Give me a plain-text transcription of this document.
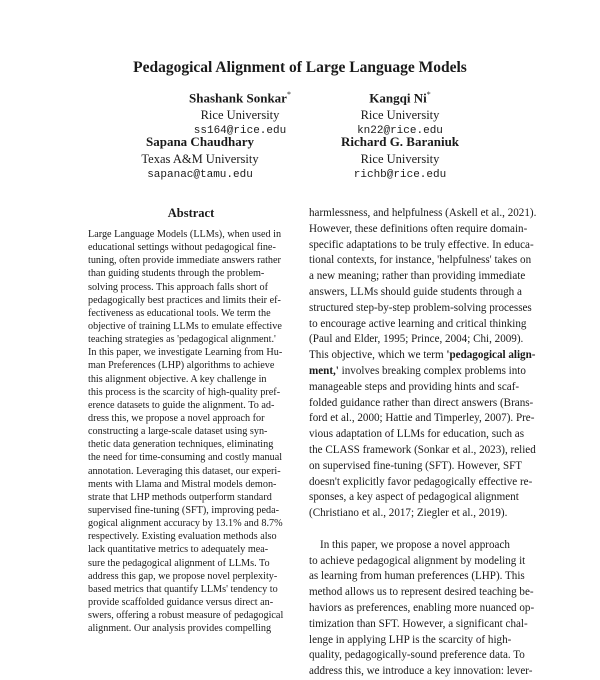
Pedagogical Alignment of Large Language Models
Shashank Sonkar*
Rice University
ss164@rice.edu
Kangqi Ni*
Rice University
kn22@rice.edu
Sapana Chaudhary
Texas A&M University
sapanac@tamu.edu
Richard G. Baraniuk
Rice University
richb@rice.edu
Abstract
Large Language Models (LLMs), when used in
educational settings without pedagogical fine-
tuning, often provide immediate answers rather
than guiding students through the problem-
solving process. This approach falls short of
pedagogically best practices and limits their ef-
fectiveness as educational tools. We term the
objective of training LLMs to emulate effective
teaching strategies as 'pedagogical alignment.'
In this paper, we investigate Learning from Hu-
man Preferences (LHP) algorithms to achieve
this alignment objective. A key challenge in
this process is the scarcity of high-quality pref-
erence datasets to guide the alignment. To ad-
dress this, we propose a novel approach for
constructing a large-scale dataset using syn-
thetic data generation techniques, eliminating
the need for time-consuming and costly manual
annotation. Leveraging this dataset, our experi-
ments with Llama and Mistral models demon-
strate that LHP methods outperform standard
supervised fine-tuning (SFT), improving peda-
gogical alignment accuracy by 13.1% and 8.7%
respectively. Existing evaluation methods also
lack quantitative metrics to adequately mea-
sure the pedagogical alignment of LLMs. To
address this gap, we propose novel perplexity-
based metrics that quantify LLMs' tendency to
provide scaffolded guidance versus direct an-
swers, offering a robust measure of pedagogical
alignment. Our analysis provides compelling
harmlessness, and helpfulness (Askell et al., 2021).
However, these definitions often require domain-
specific adaptations to be truly effective. In educa-
tional contexts, for instance, 'helpfulness' takes on
a new meaning; rather than providing immediate
answers, LLMs should guide students through a
structured step-by-step problem-solving processes
to encourage active learning and critical thinking
(Paul and Elder, 1995; Prince, 2004; Chi, 2009).
This objective, which we term 'pedagogical align-
ment,' involves breaking complex problems into
manageable steps and providing hints and scaf-
folded guidance rather than direct answers (Brans-
ford et al., 2000; Hattie and Timperley, 2007). Pre-
vious adaptation of LLMs for education, such as
the CLASS framework (Sonkar et al., 2023), relied
on supervised fine-tuning (SFT). However, SFT
doesn't explicitly favor pedagogically effective re-
sponses, a key aspect of pedagogical alignment
(Christiano et al., 2017; Ziegler et al., 2019).
In this paper, we propose a novel approach
to achieve pedagogical alignment by modeling it
as learning from human preferences (LHP). This
method allows us to represent desired teaching be-
haviors as preferences, enabling more nuanced op-
timization than SFT. However, a significant chal-
lenge in applying LHP is the scarcity of high-
quality, pedagogically-sound preference data. To
address this, we introduce a key innovation: lever-
